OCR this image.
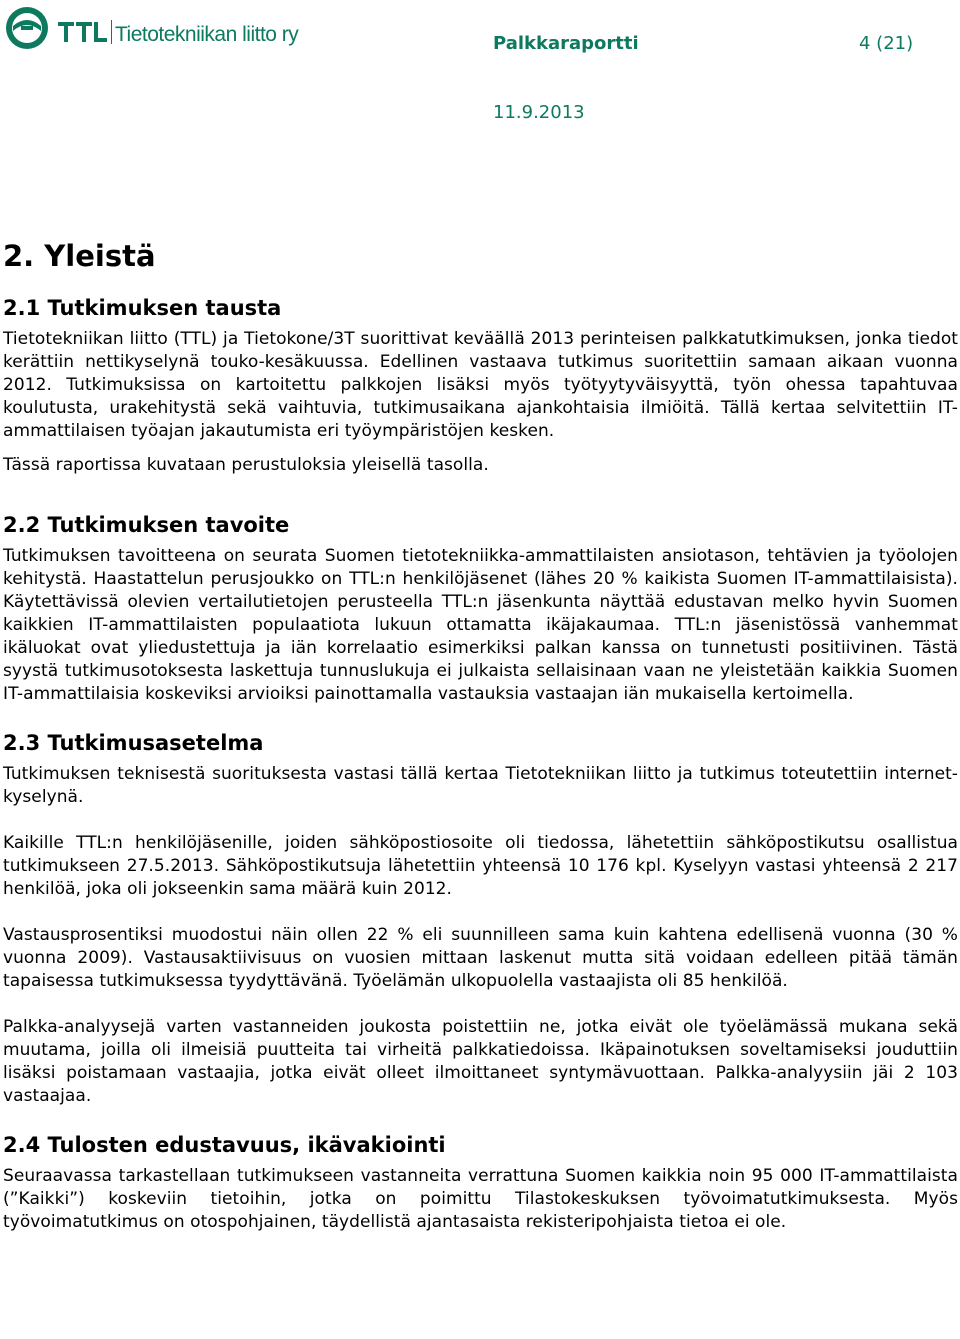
Tietotekniikan liitto ry	Palkkaraportti	4 (21)
11.9.2013
2. Yleistä
2.1 Tutkimuksen tausta

Tietotekniikan liitto (TTL) ja Tietokone/3T suorittivat keväällä 2013 perinteisen palkkatutkimuksen, jonka tiedot kerättiin nettikyselynä touko-kesäkuussa. Edellinen vastaava tutkimus suoritettiin samaan aikaan vuonna 2012. Tutkimuksissa on kartoitettu palkkojen lisäksi myös työtyytyväisyyttä, työn ohessa tapahtuvaa koulutusta, urakehitystä sekä vaihtuvia, tutkimusaikana ajankohtaisia ilmiöitä. Tällä kertaa selvitettiin IT-ammattilaisen työajan jakautumista eri työympäristöjen kesken.

Tässä raportissa kuvataan perustuloksia yleisellä tasolla.

2.2 Tutkimuksen tavoite

Tutkimuksen tavoitteena on seurata Suomen tietotekniikka-ammattilaisten ansiotason, tehtävien ja työolojen kehitystä. Haastattelun perusjoukko on TTL:n henkilöjäsenet (lähes 20 % kaikista Suomen IT-ammattilaisista). Käytettävissä olevien vertailutietojen perusteella TTL:n jäsenkunta näyttää edustavan melko hyvin Suomen kaikkien IT-ammattilaisten populaatiota lukuun ottamatta ikäjakaumaa. TTL:n jäsenistössä vanhemmat ikäluokat ovat yliedustettuja ja iän korrelaatio esimerkiksi palkan kanssa on tunnetusti positiivinen. Tästä syystä tutkimusotoksesta laskettuja tunnuslukuja ei julkaista sellaisinaan vaan ne yleistetään kaikkia Suomen IT-ammattilaisia koskeviksi arvioiksi painottamalla vastauksia vastaajan iän mukaisella kertoimella.

2.3 Tutkimusasetelma

Tutkimuksen teknisestä suorituksesta vastasi tällä kertaa Tietotekniikan liitto ja tutkimus toteutettiin internet-kyselynä.

Kaikille TTL:n henkilöjäsenille, joiden sähköpostiosoite oli tiedossa, lähetettiin sähköpostikutsu osallistua tutkimukseen 27.5.2013. Sähköpostikutsuja lähetettiin yhteensä 10 176 kpl. Kyselyyn vastasi yhteensä 2 217 henkilöä, joka oli jokseenkin sama määrä kuin 2012.

Vastausprosentiksi muodostui näin ollen 22 % eli suunnilleen sama kuin kahtena edellisenä vuonna (30 % vuonna 2009). Vastausaktiivisuus on vuosien mittaan laskenut mutta sitä voidaan edelleen pitää tämän tapaisessa tutkimuksessa tyydyttävänä. Työelämän ulkopuolella vastaajista oli 85 henkilöä.

Palkka-analyysejä varten vastanneiden joukosta poistettiin ne, jotka eivät ole työelämässä mukana sekä muutama, joilla oli ilmeisiä puutteita tai virheitä palkkatiedoissa. Ikäpainotuksen soveltamiseksi jouduttiin lisäksi poistamaan vastaajia, jotka eivät olleet ilmoittaneet syntymävuottaan. Palkka-analyysiin jäi 2 103 vastaajaa.

2.4 Tulosten edustavuus, ikävakiointi

Seuraavassa tarkastellaan tutkimukseen vastanneita verrattuna Suomen kaikkia noin 95 000 IT-ammattilaista (”Kaikki”) koskeviin tietoihin, jotka on poimittu Tilastokeskuksen työvoimatutkimuksesta. Myös työvoimatutkimus on otospohjainen, täydellistä ajantasaista rekisteripohjaista tietoa ei ole.
